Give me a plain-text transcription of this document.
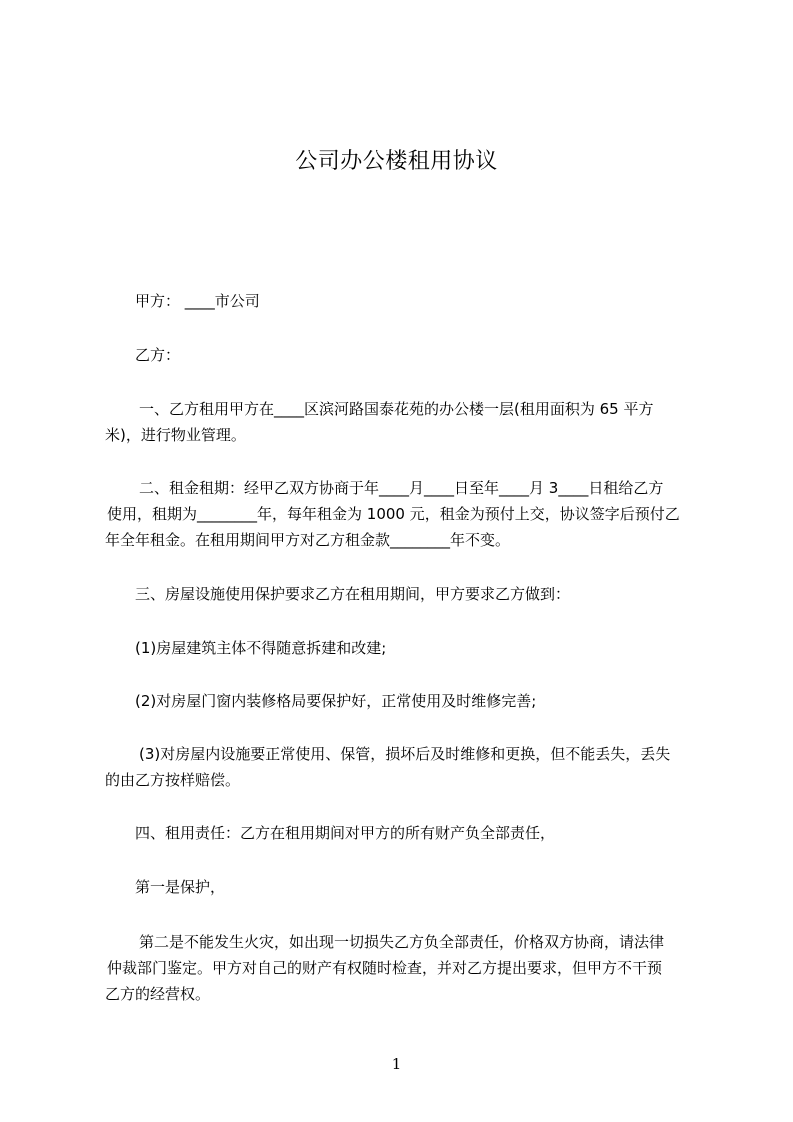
公司办公楼租用协议
甲方： ____市公司
乙方：
一、乙方租用甲方在____区滨河路国泰花苑的办公楼一层(租用面积为 65 平方
米)，进行物业管理。
二、租金租期：经甲乙双方协商于年____月____日至年____月 3____日租给乙方
使用，租期为________年，每年租金为 1000 元，租金为预付上交，协议签字后预付乙
年全年租金。在租用期间甲方对乙方租金款________年不变。
三、房屋设施使用保护要求乙方在租用期间，甲方要求乙方做到：
(1)房屋建筑主体不得随意拆建和改建;
(2)对房屋门窗内装修格局要保护好，正常使用及时维修完善;
(3)对房屋内设施要正常使用、保管，损坏后及时维修和更换，但不能丢失，丢失
的由乙方按样赔偿。
四、租用责任：乙方在租用期间对甲方的所有财产负全部责任，
第一是保护，
第二是不能发生火灾，如出现一切损失乙方负全部责任，价格双方协商，请法律
仲裁部门鉴定。甲方对自己的财产有权随时检查，并对乙方提出要求，但甲方不干预
乙方的经营权。
1
